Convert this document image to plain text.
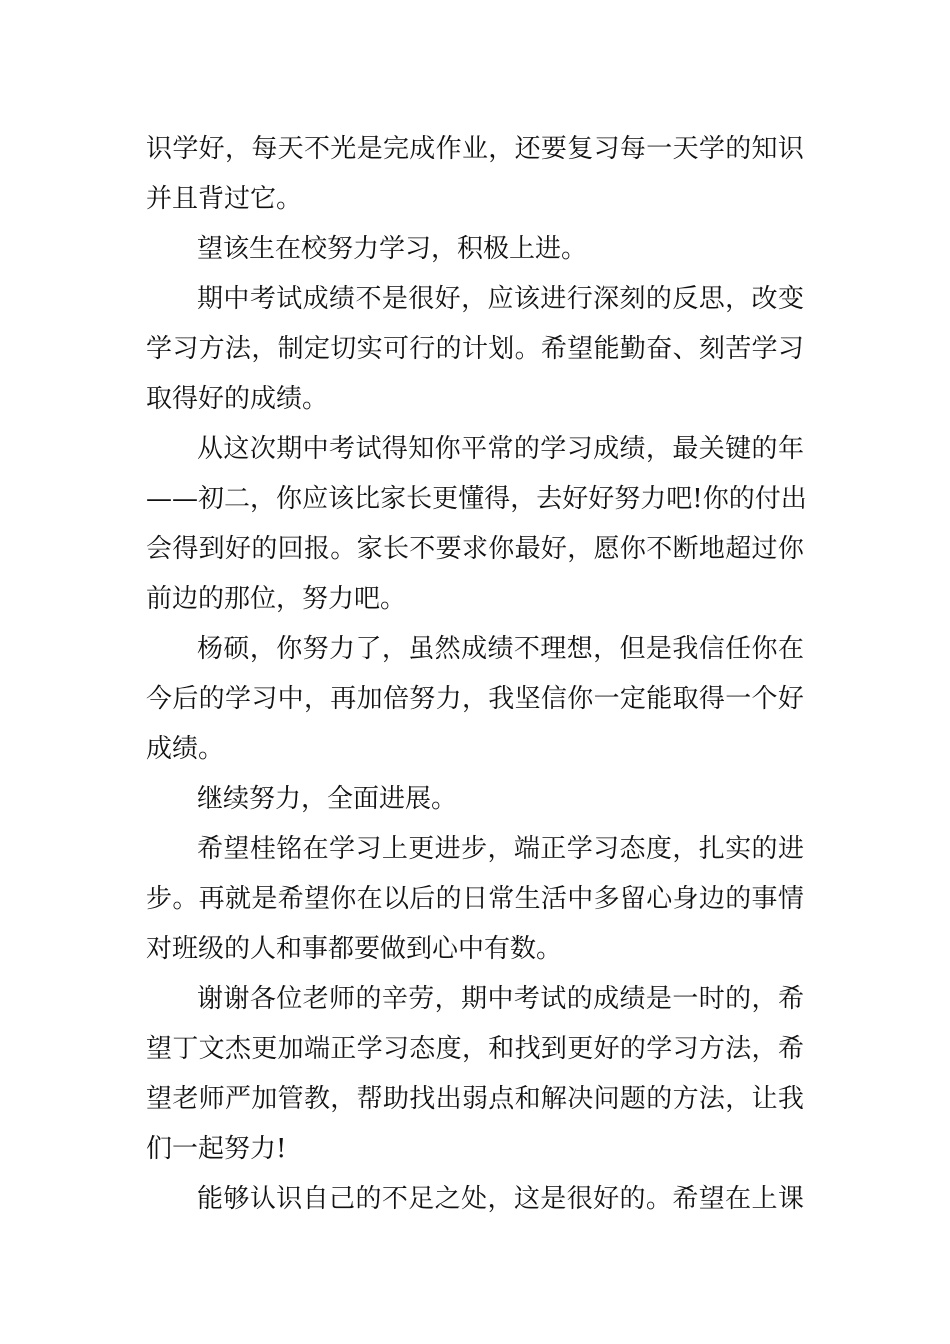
识 学 好 ， 每 天 不 光 是 完 成 作 业 ， 还 要 复 习 每 一 天 学 的 知 识
并且背过它。
望该生在校努力学习，积极上进。
期 中 考 试 成 绩 不 是 很 好 ， 应 该 进 行 深 刻 的 反 思 ， 改 变
学 习 方 法 ， 制 定 切 实 可 行 的 计 划 。 希 望 能 勤 奋 、 刻 苦 学 习
取得好的成绩。
从 这 次 期 中 考 试 得 知 你 平 常 的 学 习 成 绩 ， 最 关 键 的 年
— — 初 二 ， 你 应 该 比 家 长 更 懂 得 ， 去 好 好 努 力 吧 ! 你 的 付 出
会 得 到 好 的 回 报 。 家 长 不 要 求 你 最 好 ， 愿 你 不 断 地 超 过 你
前边的那位，努力吧。
杨 硕 ， 你 努 力 了 ， 虽 然 成 绩 不 理 想 ， 但 是 我 信 任 你 在
今 后 的 学 习 中 ， 再 加 倍 努 力 ， 我 坚 信 你 一 定 能 取 得 一 个 好
成绩。
继续努力，全面进展。
希 望 桂 铭 在 学 习 上 更 进 步 ， 端 正 学 习 态 度 ， 扎 实 的 进
步 。 再 就 是 希 望 你 在 以 后 的 日 常 生 活 中 多 留 心 身 边 的 事 情
对班级的人和事都要做到心中有数。
谢 谢 各 位 老 师 的 辛 劳 ， 期 中 考 试 的 成 绩 是 一 时 的 ， 希
望 丁 文 杰 更 加 端 正 学 习 态 度 ， 和 找 到 更 好 的 学 习 方 法 ， 希
望 老 师 严 加 管 教 ， 帮 助 找 出 弱 点 和 解 决 问 题 的 方 法 ， 让 我
们一起努力!
能 够 认 识 自 己 的 不 足 之 处 ， 这 是 很 好 的 。 希 望 在 上 课
